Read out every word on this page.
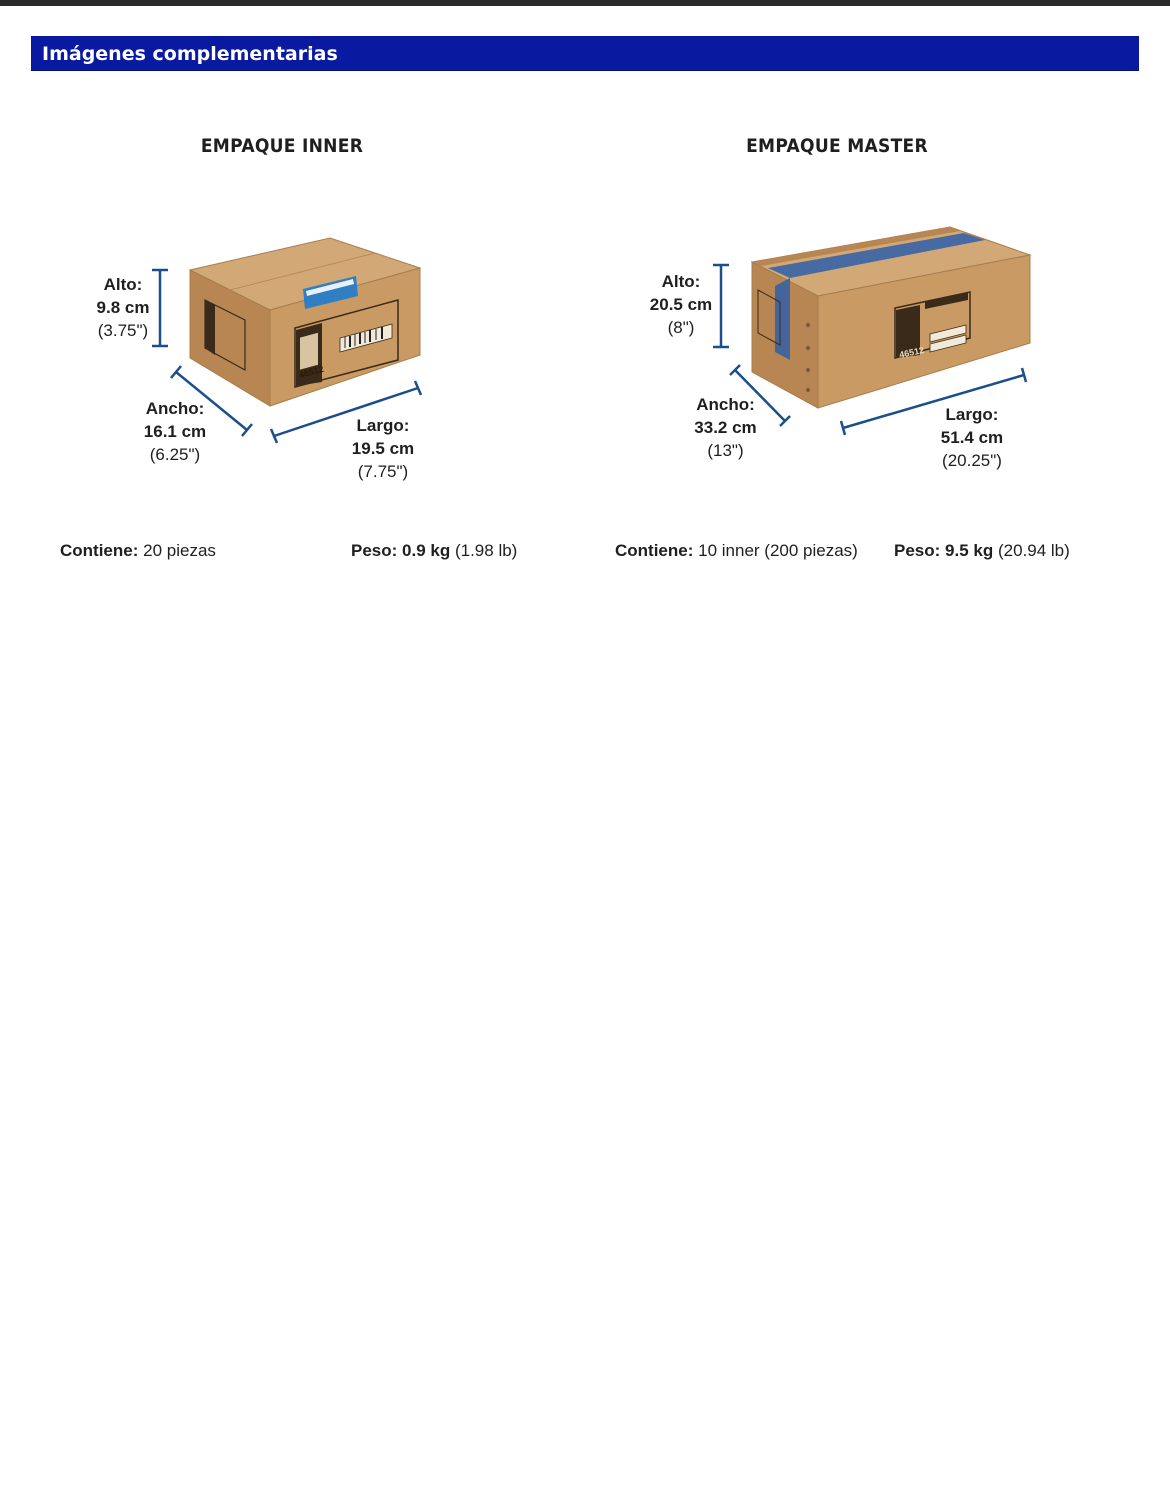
Imágenes complementarias
EMPAQUE INNER	EMPAQUE MASTER
46512
46512
Alto:
9.8 cm
(3.75")
Ancho:
16.1 cm
(6.25")
Largo:
19.5 cm
(7.75")
Alto:
20.5 cm
(8")
Ancho:
33.2 cm
(13")
Largo:
51.4 cm
(20.25")
Contiene: 20 piezas	Peso: 0.9 kg (1.98 lb)	Contiene: 10 inner (200 piezas) Peso: 9.5 kg (20.94 lb)
